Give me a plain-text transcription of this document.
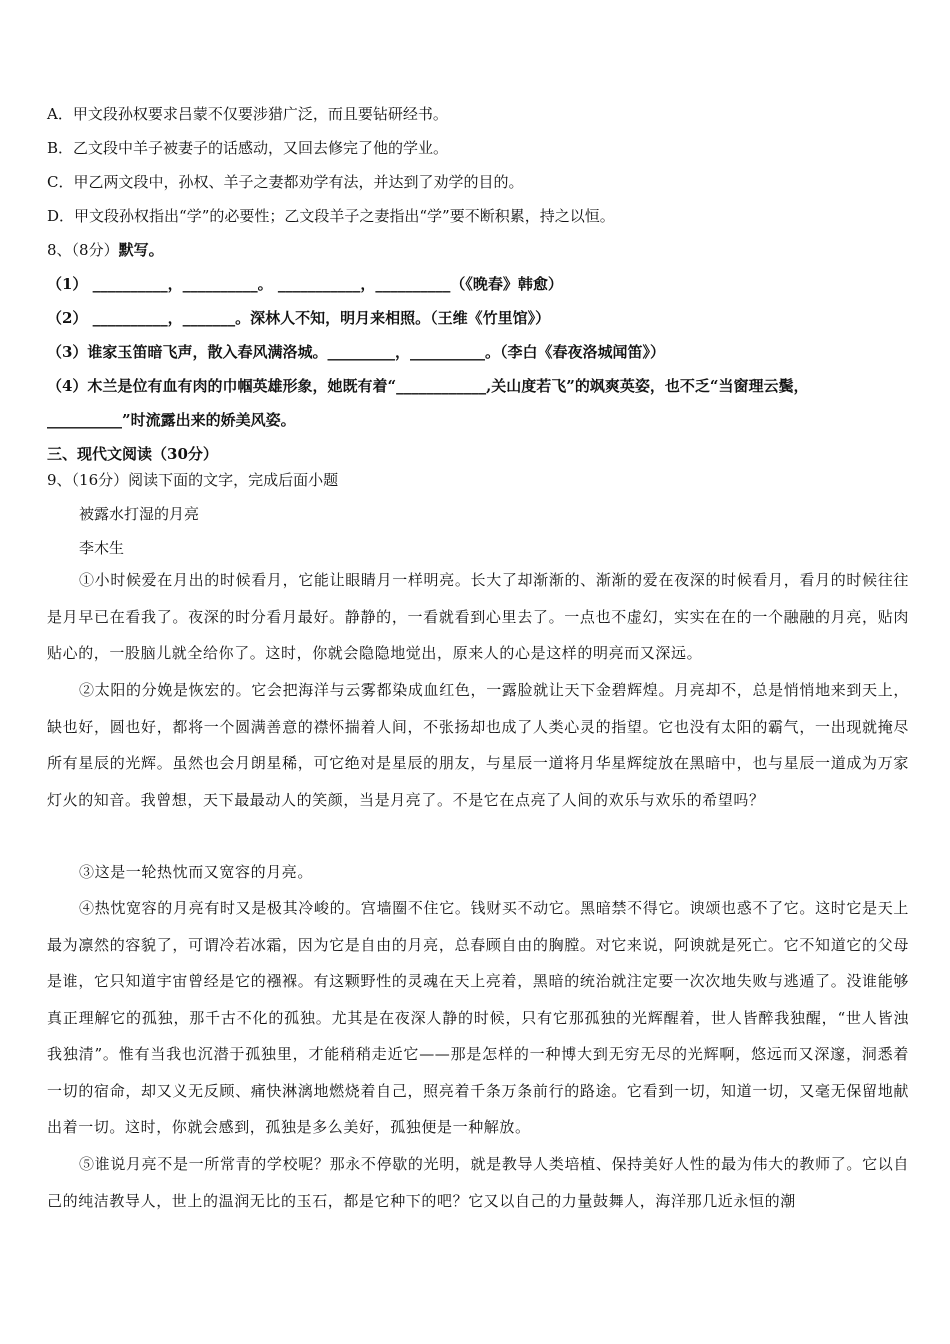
A．甲文段孙权要求吕蒙不仅要涉猎广泛，而且要钻研经书。
B．乙文段中羊子被妻子的话感动，又回去修完了他的学业。
C．甲乙两文段中，孙权、羊子之妻都劝学有法，并达到了劝学的目的。
D．甲文段孙权指出“学”的必要性；乙文段羊子之妻指出“学”要不断积累，持之以恒。
8、（8分）默写。
（1） __________，__________。 ___________，__________（《晚春》韩愈）
（2） __________，_______。深林人不知，明月来相照。（王维《竹里馆》）
（3）谁家玉笛暗飞声，散入春风满洛城。_________，__________。（李白《春夜洛城闻笛》）
（4）木兰是位有血有肉的巾帼英雄形象，她既有着“____________,关山度若飞”的飒爽英姿，也不乏“当窗理云鬓，
__________”时流露出来的娇美风姿。
三、现代文阅读（30分）
9、（16分）阅读下面的文字，完成后面小题
被露水打湿的月亮
李木生
①小时候爱在月出的时候看月，它能让眼睛月一样明亮。长大了却渐渐的、渐渐的爱在夜深的时候看月，看月的时候往往是月早已在看我了。夜深的时分看月最好。静静的，一看就看到心里去了。一点也不虚幻，实实在在的一个融融的月亮，贴肉贴心的，一股脑儿就全给你了。这时，你就会隐隐地觉出，原来人的心是这样的明亮而又深远。
②太阳的分娩是恢宏的。它会把海洋与云雾都染成血红色，一露脸就让天下金碧辉煌。月亮却不，总是悄悄地来到天上，缺也好，圆也好，都将一个圆满善意的襟怀揣着人间，不张扬却也成了人类心灵的指望。它也没有太阳的霸气，一出现就掩尽所有星辰的光辉。虽然也会月朗星稀，可它绝对是星辰的朋友，与星辰一道将月华星辉绽放在黑暗中，也与星辰一道成为万家灯火的知音。我曾想，天下最最动人的笑颜，当是月亮了。不是它在点亮了人间的欢乐与欢乐的希望吗？
③这是一轮热忱而又宽容的月亮。
④热忱宽容的月亮有时又是极其冷峻的。宫墙圈不住它。钱财买不动它。黑暗禁不得它。谀颂也惑不了它。这时它是天上最为凛然的容貌了，可谓冷若冰霜，因为它是自由的月亮，总春顾自由的胸膛。对它来说，阿谀就是死亡。它不知道它的父母是谁，它只知道宇宙曾经是它的襁褓。有这颗野性的灵魂在天上亮着，黑暗的统治就注定要一次次地失败与逃遁了。没谁能够真正理解它的孤独，那千古不化的孤独。尤其是在夜深人静的时候，只有它那孤独的光辉醒着，世人皆醉我独醒，“世人皆浊我独清”。惟有当我也沉潜于孤独里，才能稍稍走近它——那是怎样的一种博大到无穷无尽的光辉啊，悠远而又深邃，洞悉着一切的宿命，却又义无反顾、痛快淋漓地燃烧着自己，照亮着千条万条前行的路途。它看到一切，知道一切，又毫无保留地献出着一切。这时，你就会感到，孤独是多么美好，孤独便是一种解放。
⑤谁说月亮不是一所常青的学校呢？那永不停歇的光明，就是教导人类培植、保持美好人性的最为伟大的教师了。它以自己的纯洁教导人，世上的温润无比的玉石，都是它种下的吧？它又以自己的力量鼓舞人，海洋那几近永恒的潮
